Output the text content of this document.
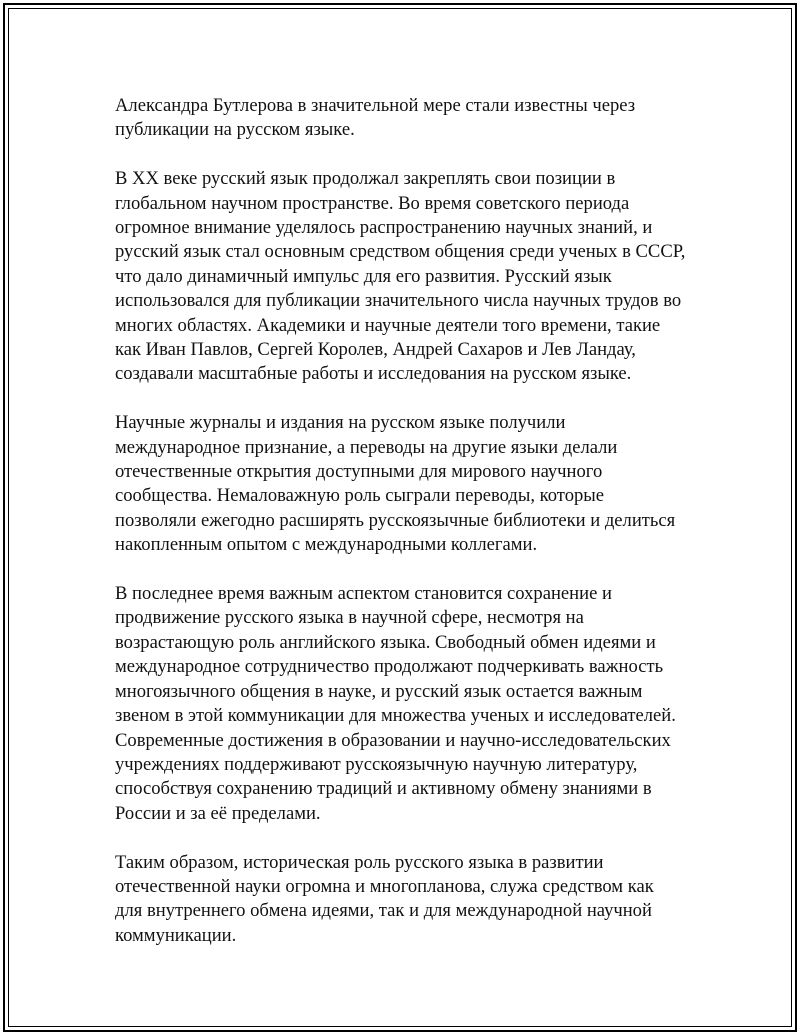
Александра Бутлерова в значительной мере стали известны через
публикации на русском языке.

В XX веке русский язык продолжал закреплять свои позиции в
глобальном научном пространстве. Во время советского периода
огромное внимание уделялось распространению научных знаний, и
русский язык стал основным средством общения среди ученых в СССР,
что дало динамичный импульс для его развития. Русский язык
использовался для публикации значительного числа научных трудов во
многих областях. Академики и научные деятели того времени, такие
как Иван Павлов, Сергей Королев, Андрей Сахаров и Лев Ландау,
создавали масштабные работы и исследования на русском языке.

Научные журналы и издания на русском языке получили
международное признание, а переводы на другие языки делали
отечественные открытия доступными для мирового научного
сообщества. Немаловажную роль сыграли переводы, которые
позволяли ежегодно расширять русскоязычные библиотеки и делиться
накопленным опытом с международными коллегами.

В последнее время важным аспектом становится сохранение и
продвижение русского языка в научной сфере, несмотря на
возрастающую роль английского языка. Свободный обмен идеями и
международное сотрудничество продолжают подчеркивать важность
многоязычного общения в науке, и русский язык остается важным
звеном в этой коммуникации для множества ученых и исследователей.
Современные достижения в образовании и научно-исследовательских
учреждениях поддерживают русскоязычную научную литературу,
способствуя сохранению традиций и активному обмену знаниями в
России и за её пределами.

Таким образом, историческая роль русского языка в развитии
отечественной науки огромна и многопланова, служа средством как
для внутреннего обмена идеями, так и для международной научной
коммуникации.
